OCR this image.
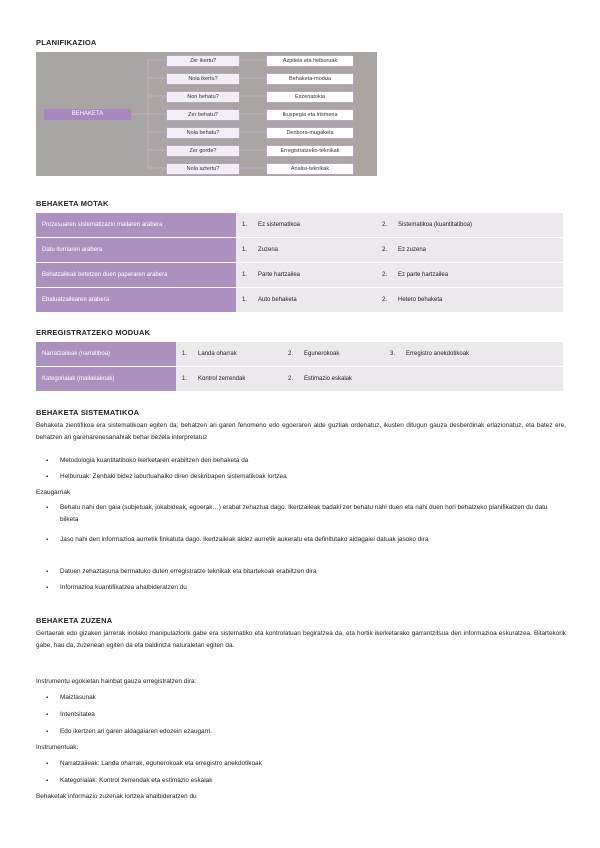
PLANIFIKAZIOA
BEHAKETA
Zer ikertu?
Nola ikertu?
Non behatu?
Zer behatu?
Nola behatu?
Zer gorde?
Nola aztertu?
Azpiteia eta helburuak
Behaketa-modua
Eszenatokia
Ikuspegia eta irismena
Denbora-mugaketa
Erregistratzeko-teknikak
Analisi-teknikak
BEHAKETA MOTAK
Prozesuaren sistematizazio mailaren arabera	1. Ez sistematikoa	2. Sistematikoa (kuantitatiboa)
Datu iturriaren arabera	1. Zuzena	2. Ez zuzena
Behatzaileak betetzen duen paperaren arabera	1. Parte hartzailea	2. Ez parte hartzailea
Ebaluatzailearen arabera	1. Auto behaketa	2. Hetero behaketa
ERREGISTRATZEKO MODUAK
Narratzaileak (narratiboa)	1. Landa oharrak	2. Egunerokoak	3. Erregistro anekdotikoak
Kategorialak (mailakakoak)	1. Kontrol zerrendak	2. Estimazio eskalak	
BEHAKETA SISTEMATIKOA
Behaketa zientifikoa era sistematikoan egiten da; behatzen ari garen fenomeno edo egoeraren alde guztiak ordenatuz, ikusten ditugun gauza desberdinak erlazionatuz, eta batez ere, behatzen ari garenarenesanahiak behar bezela interpretatuz
▪ Metodologia kuantitatiboko ikerketaren erabiltzen den behaketa da
▪ Helburuak: Zenbaki bidez laburtuahalko diren deskribapen sistematikoak lortzea
Ezaugarriak
▪ Behatu nahi den gaia (subjetuak, jokabideak, egoerak…) erabat zehaztua dago. Ikertzaileak badaki zer behatu nahi duen eta nahi duen hori behatzeko planifikatzen du datu bilketa
▪ Jaso nahi den informazioa aurretik finkatuta dago. Ikertzaileak aldez aurretik aukeratu eta definitutako aldagaiei datuak jasoko dira
▪ Datuen zehaztasuna bermatuko duten erregistratze teknikak eta bitartekoak erabiltzen dira
▪ Informazioa kuantifikatzea ahalbideratzen du
BEHAKETA ZUZENA
Gertaerak edo gizaken jarrerak inolako manipulaziorik gabe era sistematiko eta kontrolatuan begiratzea da, eta hortik ikerketarako garrantzitsua den informazioa eskuratzea. Bitartekorik gabe, hau da, zuzenean egiten da eta baldintza naturaletan egiten da.
Instrumentu egokietan hainbat gauza erregistratzen dira:
▪ Maiztasunak
▪ Intentsitatea
▪ Edo ikertzen ari garen aldagaiaren edozein ezaugarri.
Instrumentuak:
▪ Narratzaileak: Landa oharrak, egunerokoak eta erregistro anekdotikoak
▪ Kategorialak: Kontrol zerrendak eta estimazio eskalak
Behaketak informazio zuzenak lortzea ahalbideratzen du
